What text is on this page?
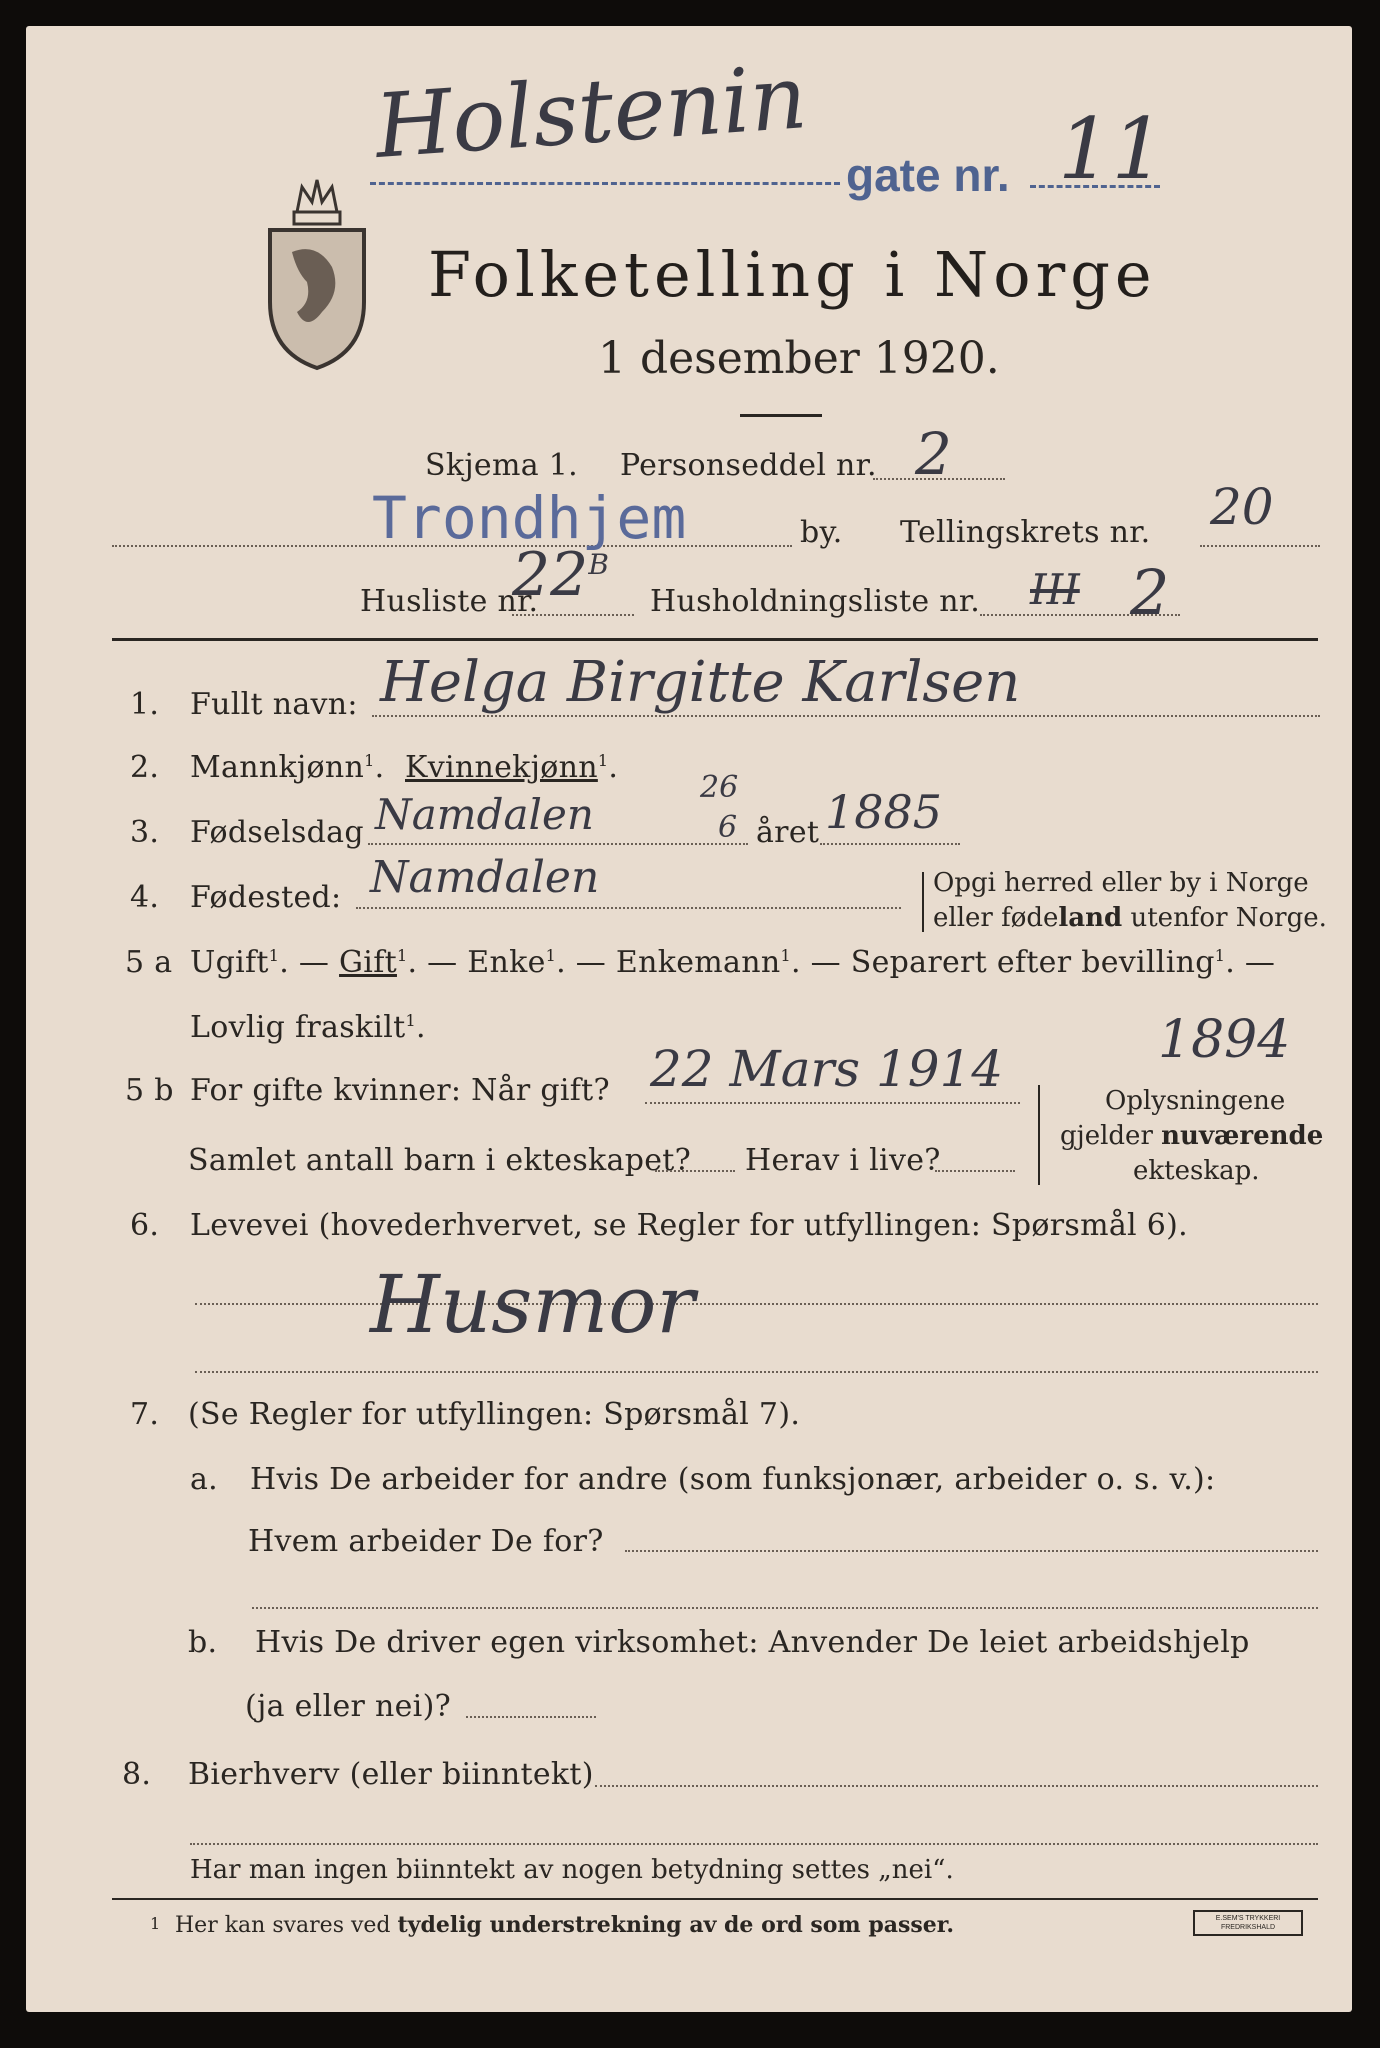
Holstenin gate nr. 11
Folketelling i Norge
1 desember 1920.
Skjema 1. Personseddel nr. 2
Trondhjem	by. Tellingskrets nr. 20
Husliste nr.
$22^B$
Husholdningsliste nr. III 2
1. Fullt navn: Helga Birgitte Karlsen
2. Mannkjønn$^1$. Kvinnekjønn$^1$.
3. Fødselsdag Namdalen
26
6 året 1885
4. Fødested: Namdalen	Opgi herred eller by i Norge
eller fødeland utenfor Norge.
5 a Ugift$^1$. — Gift$^1$. — Enke$^1$. — Enkemann$^1$. — Separert efter bevilling$^1$. —
Lovlig fraskilt$^1$.
5 b For gifte kvinner: Når gift? 22 Mars 1914	1894
Samlet antall barn i ekteskapet? Herav i live?
Oplysningene
gjelder nuværende
ekteskap.
6. Levevei (hovederhvervet, se Regler for utfyllingen: Spørsmål 6).
Husmor
7. (Se Regler for utfyllingen: Spørsmål 7).
a. Hvis De arbeider for andre (som funksjonær, arbeider o. s. v.):
Hvem arbeider De for?
b. Hvis De driver egen virksomhet: Anvender De leiet arbeidshjelp
(ja eller nei)?
8. Bierhverv (eller biinntekt)
Har man ingen biinntekt av nogen betydning settes „nei“.
1 Her kan svares ved tydelig understrekning av de ord som passer.	E.SEM'S TRYKKERI
FREDRIKSHALD
